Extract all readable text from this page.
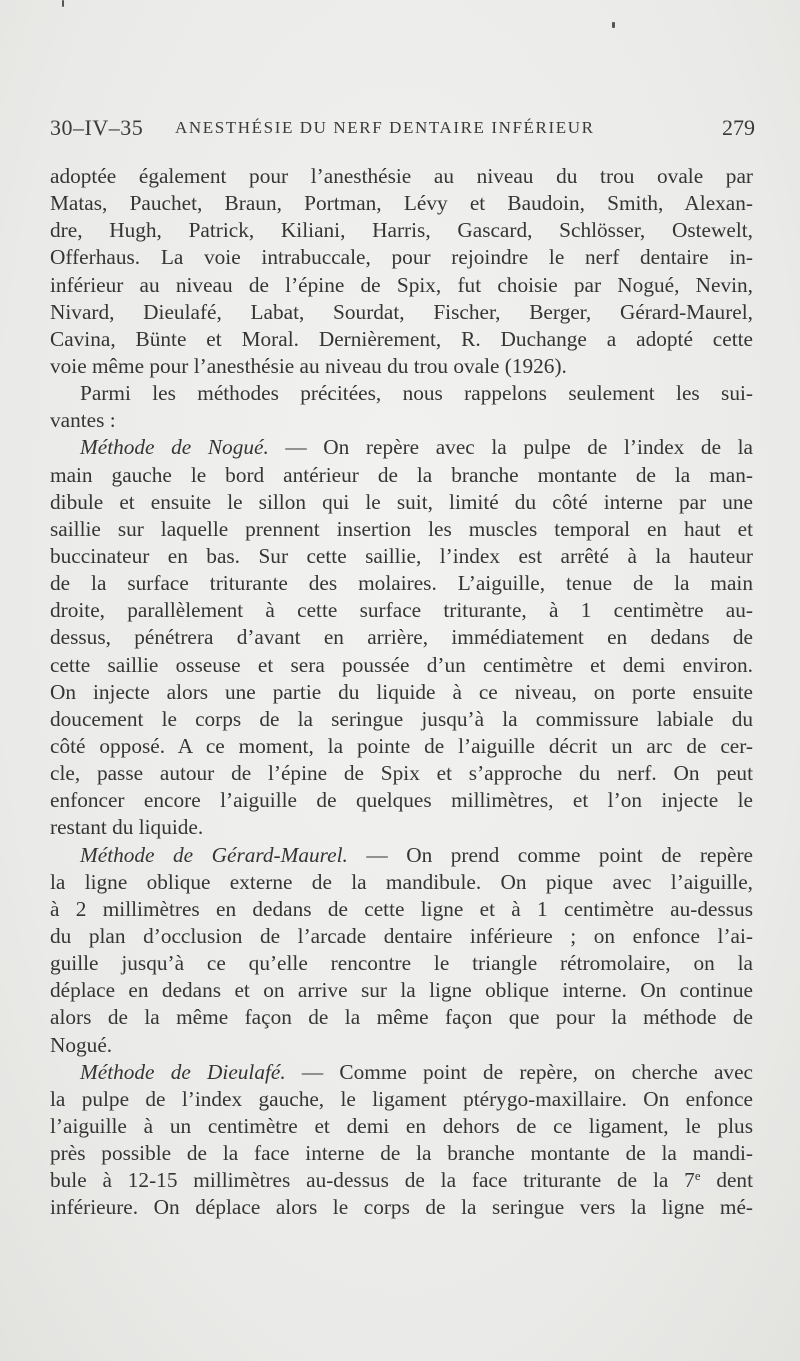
30–IV–35 ANESTHÉSIE DU NERF DENTAIRE INFÉRIEUR	279
adoptée également pour l’anesthésie au niveau du trou ovale par
Matas, Pauchet, Braun, Portman, Lévy et Baudoin, Smith, Alexan-
dre, Hugh, Patrick, Kiliani, Harris, Gascard, Schlösser, Ostewelt,
Offerhaus. La voie intrabuccale, pour rejoindre le nerf dentaire in-
inférieur au niveau de l’épine de Spix, fut choisie par Nogué, Nevin,
Nivard, Dieulafé, Labat, Sourdat, Fischer, Berger, Gérard-Maurel,
Cavina, Bünte et Moral. Dernièrement, R. Duchange a adopté cette
voie même pour l’anesthésie au niveau du trou ovale (1926).
Parmi les méthodes précitées, nous rappelons seulement les sui-
vantes :
Méthode de Nogué. — On repère avec la pulpe de l’index de la
main gauche le bord antérieur de la branche montante de la man-
dibule et ensuite le sillon qui le suit, limité du côté interne par une
saillie sur laquelle prennent insertion les muscles temporal en haut et
buccinateur en bas. Sur cette saillie, l’index est arrêté à la hauteur
de la surface triturante des molaires. L’aiguille, tenue de la main
droite, parallèlement à cette surface triturante, à 1 centimètre au-
dessus, pénétrera d’avant en arrière, immédiatement en dedans de
cette saillie osseuse et sera poussée d’un centimètre et demi environ.
On injecte alors une partie du liquide à ce niveau, on porte ensuite
doucement le corps de la seringue jusqu’à la commissure labiale du
côté opposé. A ce moment, la pointe de l’aiguille décrit un arc de cer-
cle, passe autour de l’épine de Spix et s’approche du nerf. On peut
enfoncer encore l’aiguille de quelques millimètres, et l’on injecte le
restant du liquide.
Méthode de Gérard-Maurel. — On prend comme point de repère
la ligne oblique externe de la mandibule. On pique avec l’aiguille,
à 2 millimètres en dedans de cette ligne et à 1 centimètre au-dessus
du plan d’occlusion de l’arcade dentaire inférieure ; on enfonce l’ai-
guille jusqu’à ce qu’elle rencontre le triangle rétromolaire, on la
déplace en dedans et on arrive sur la ligne oblique interne. On continue
alors de la même façon de la même façon que pour la méthode de
Nogué.
Méthode de Dieulafé. — Comme point de repère, on cherche avec
la pulpe de l’index gauche, le ligament ptérygo-maxillaire. On enfonce
l’aiguille à un centimètre et demi en dehors de ce ligament, le plus
près possible de la face interne de la branche montante de la mandi-
bule à 12-15 millimètres au-dessus de la face triturante de la 7e dent
inférieure. On déplace alors le corps de la seringue vers la ligne mé-
